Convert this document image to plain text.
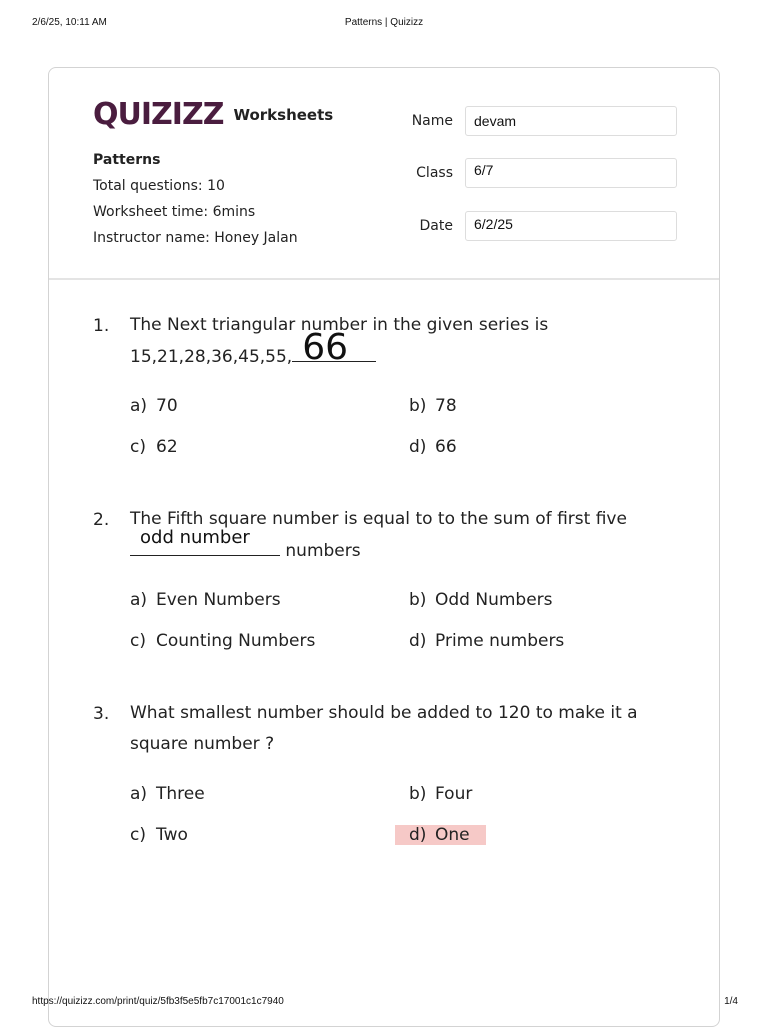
2/6/25, 10:11 AM	Patterns | Quizizz
QUIZIZZ Worksheets
Patterns
Total questions: 10
Worksheet time: 6mins
Instructor name: Honey Jalan
Name	devam
Class	6/7
Date	6/2/25
1. The Next triangular number in the given series is
15,21,28,36,45,55, 66
a) 70	b) 78
c) 62	d) 66
2. The Fifth square number is equal to to the sum of first five

odd number
numbers
a) Even Numbers	b) Odd Numbers
c) Counting Numbers	d) Prime numbers
3. What smallest number should be added to 120 to make it a
square number ?
a) Three	b) Four
c) Two	d) One
https://quizizz.com/print/quiz/5fb3f5e5fb7c17001c1c7940	1/4
